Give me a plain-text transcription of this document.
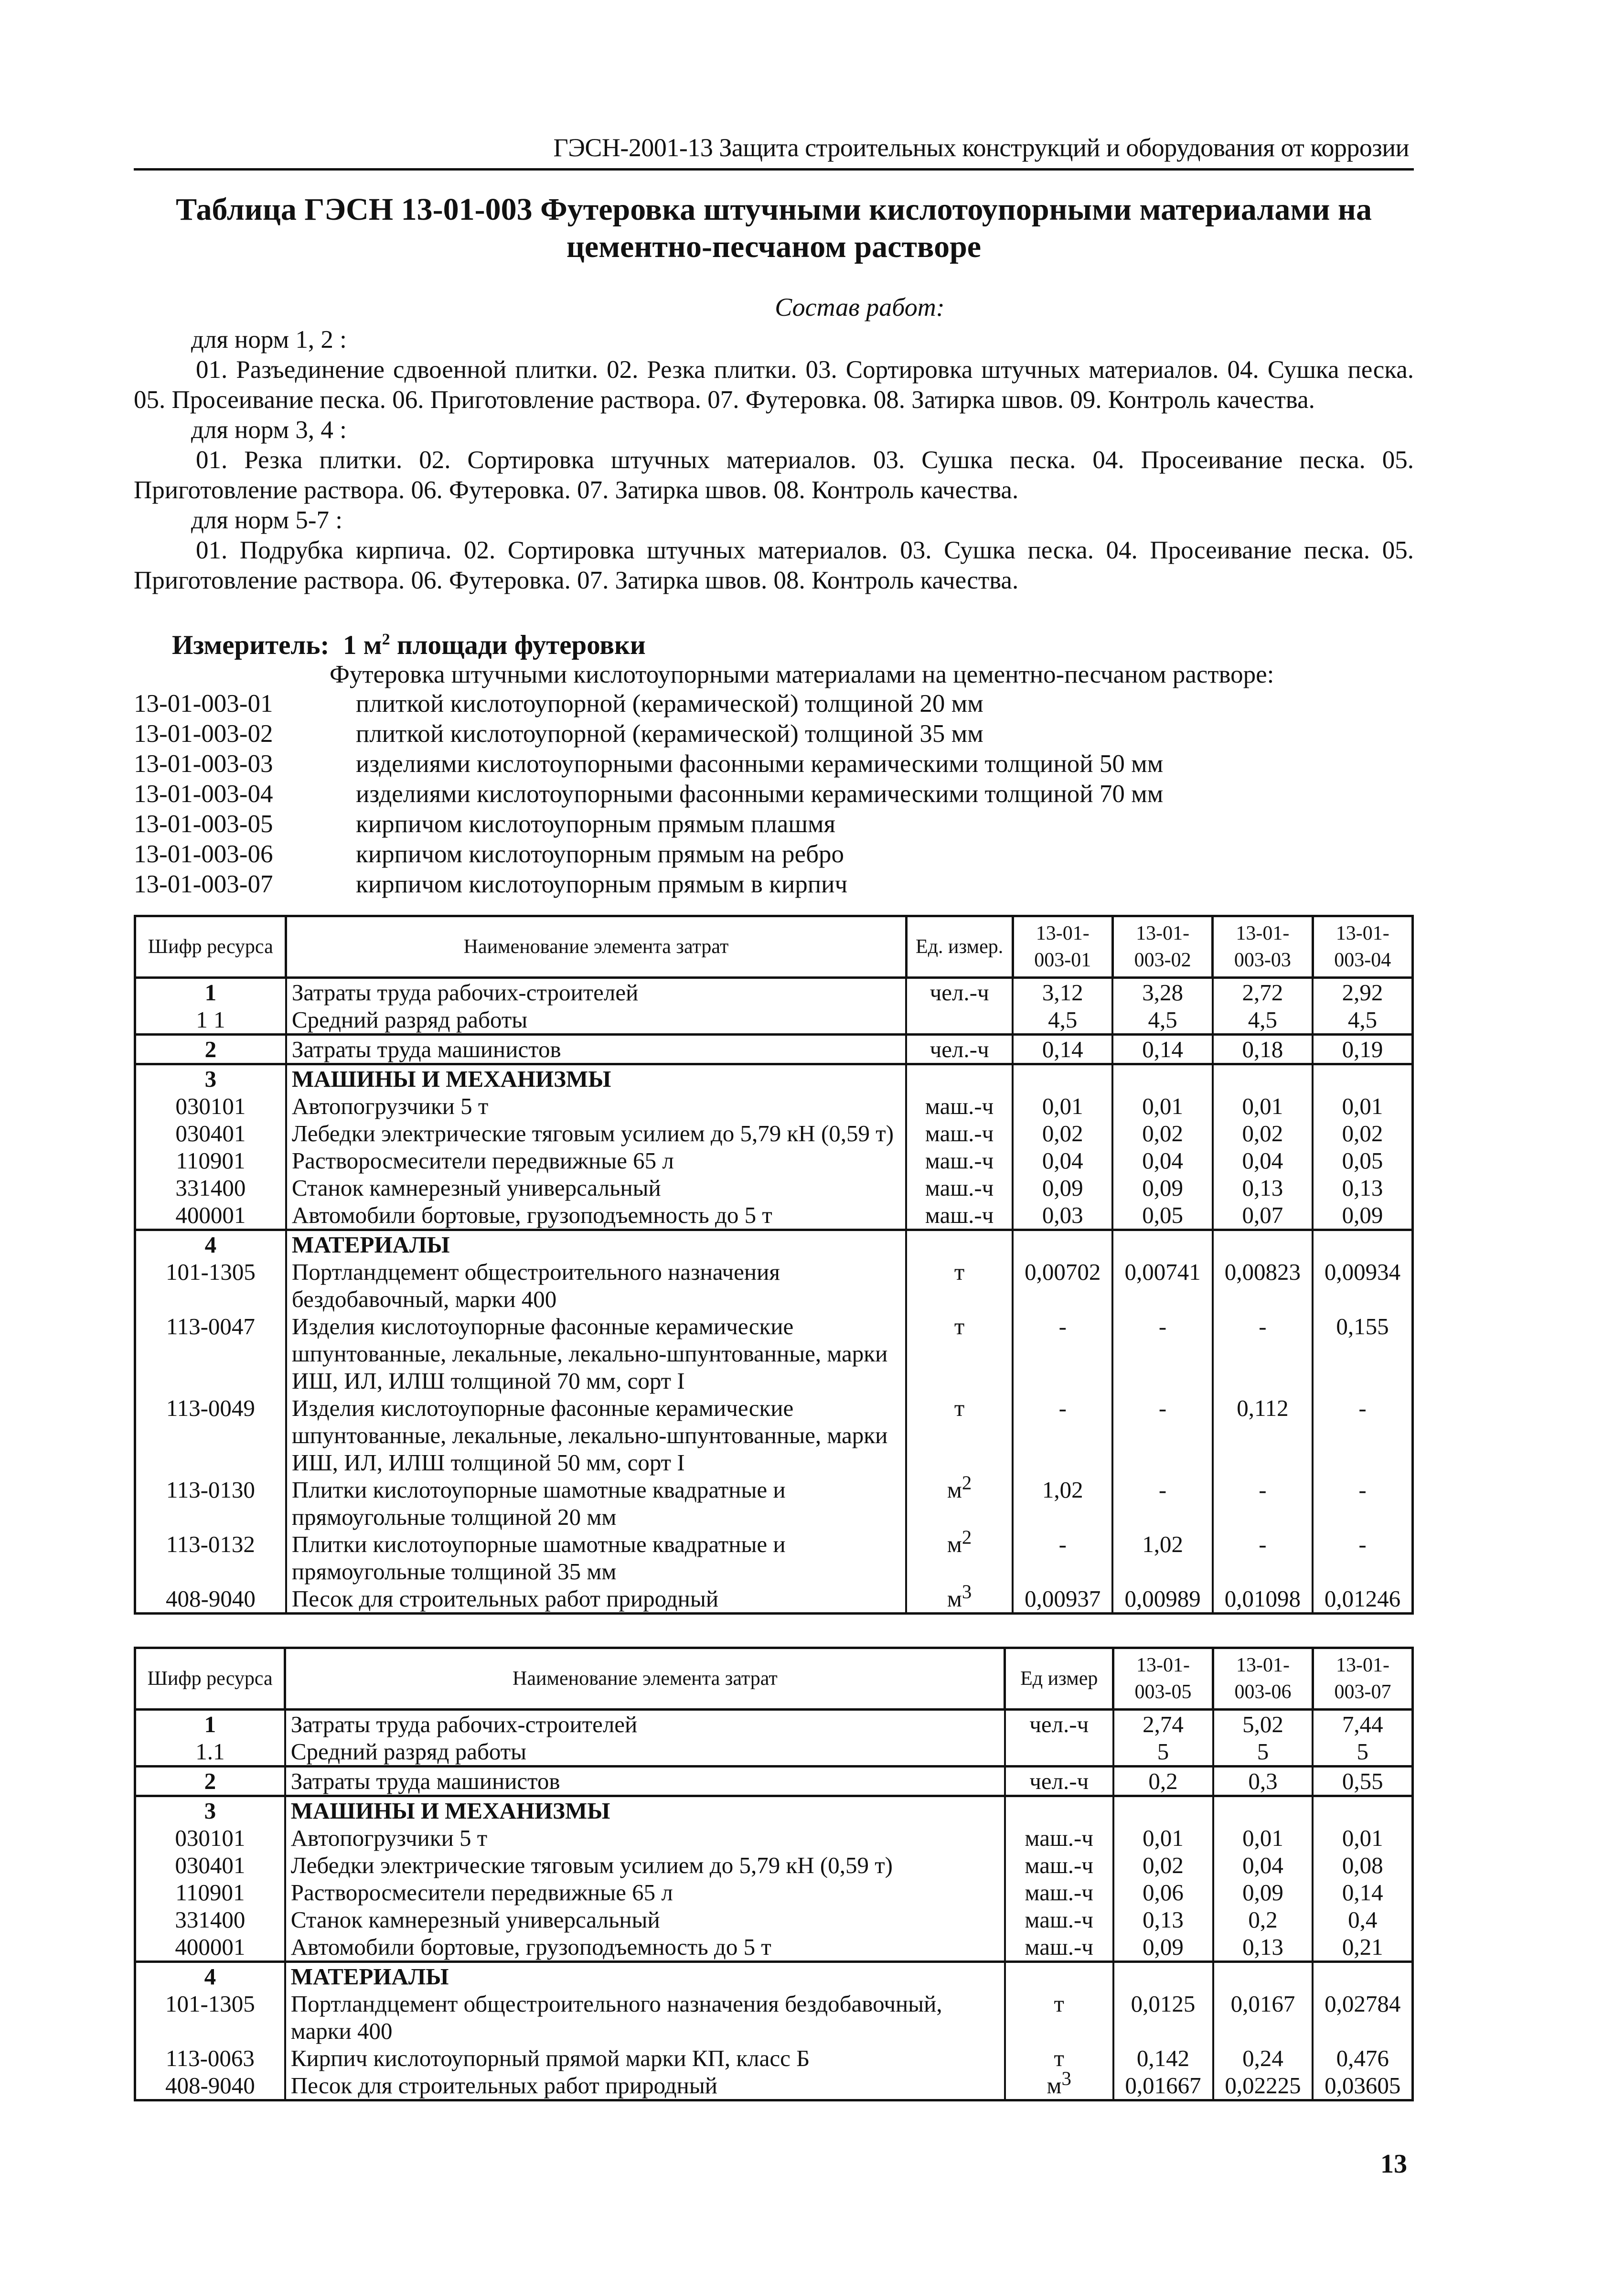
ГЭСН-2001-13 Защита строительных конструкций и оборудования от коррозии
Таблица ГЭСН 13-01-003 Футеровка штучными кислотоупорными материалами на цементно-песчаном растворе
Состав работ:
для норм 1, 2 :

01. Разъединение сдвоенной плитки. 02. Резка плитки. 03. Сортировка штучных материалов. 04. Сушка песка. 05. Просеивание песка. 06. Приготовление раствора. 07. Футеровка. 08. Затирка швов. 09. Контроль качества.

для норм 3, 4 :

01. Резка плитки. 02. Сортировка штучных материалов. 03. Сушка песка. 04. Просеивание песка. 05. Приготовление раствора. 06. Футеровка. 07. Затирка швов. 08. Контроль качества.

для норм 5-7 :

01. Подрубка кирпича. 02. Сортировка штучных материалов. 03. Сушка песка. 04. Просеивание песка. 05. Приготовление раствора. 06. Футеровка. 07. Затирка швов. 08. Контроль качества.

Измеритель: 1 $м^2$ площади футеровки
Футеровка штучными кислотоупорными материалами на цементно-песчаном растворе:
13-01-003-01	плиткой кислотоупорной (керамической) толщиной 20 мм
13-01-003-02	плиткой кислотоупорной (керамической) толщиной 35 мм
13-01-003-03	изделиями кислотоупорными фасонными керамическими толщиной 50 мм
13-01-003-04	изделиями кислотоупорными фасонными керамическими толщиной 70 мм
13-01-003-05	кирпичом кислотоупорным прямым плашмя
13-01-003-06	кирпичом кислотоупорным прямым на ребро
13-01-003-07	кирпичом кислотоупорным прямым в кирпич
Шифр ресурса	Наименование элемента затрат	Ед. измер.	13-01-003-01	13-01-003-02	13-01-003-03	13-01-003-04
1	Затраты труда рабочих-строителей	чел.-ч	3,12	3,28	2,72	2,92
1 1	Средний разряд работы		4,5	4,5	4,5	4,5
2	Затраты труда машинистов	чел.-ч	0,14	0,14	0,18	0,19
3	МАШИНЫ И МЕХАНИЗМЫ					
030101	Автопогрузчики 5 т	маш.-ч	0,01	0,01	0,01	0,01
030401	Лебедки электрические тяговым усилием до 5,79 кН (0,59 т)	маш.-ч	0,02	0,02	0,02	0,02
110901	Растворосмесители передвижные 65 л	маш.-ч	0,04	0,04	0,04	0,05
331400	Станок камнерезный универсальный	маш.-ч	0,09	0,09	0,13	0,13
400001	Автомобили бортовые, грузоподъемность до 5 т	маш.-ч	0,03	0,05	0,07	0,09
4	МАТЕРИАЛЫ					
101-1305	Портландцемент общестроительного назначения бездобавочный, марки 400	т	0,00702	0,00741	0,00823	0,00934
113-0047	Изделия кислотоупорные фасонные керамические шпунтованные, лекальные, лекально-шпунтованные, марки ИШ, ИЛ, ИЛШ толщиной 70 мм, сорт I	т	-	-	-	0,155
113-0049	Изделия кислотоупорные фасонные керамические шпунтованные, лекальные, лекально-шпунтованные, марки ИШ, ИЛ, ИЛШ толщиной 50 мм, сорт I	т	-	-	0,112	-
113-0130	Плитки кислотоупорные шамотные квадратные и прямоугольные толщиной 20 мм	$м^2$	1,02	-	-	-
113-0132	Плитки кислотоупорные шамотные квадратные и прямоугольные толщиной 35 мм	$м^2$	-	1,02	-	-
408-9040	Песок для строительных работ природный	$м^3$	0,00937	0,00989	0,01098	0,01246
Шифр ресурса	Наименование элемента затрат	Ед измер	13-01-003-05	13-01-003-06	13-01-003-07
1	Затраты труда рабочих-строителей	чел.-ч	2,74	5,02	7,44
1.1	Средний разряд работы		5	5	5
2	Затраты труда машинистов	чел.-ч	0,2	0,3	0,55
3	МАШИНЫ И МЕХАНИЗМЫ				
030101	Автопогрузчики 5 т	маш.-ч	0,01	0,01	0,01
030401	Лебедки электрические тяговым усилием до 5,79 кН (0,59 т)	маш.-ч	0,02	0,04	0,08
110901	Растворосмесители передвижные 65 л	маш.-ч	0,06	0,09	0,14
331400	Станок камнерезный универсальный	маш.-ч	0,13	0,2	0,4
400001	Автомобили бортовые, грузоподъемность до 5 т	маш.-ч	0,09	0,13	0,21
4	МАТЕРИАЛЫ				
101-1305	Портландцемент общестроительного назначения бездобавочный, марки 400	т	0,0125	0,0167	0,02784
113-0063	Кирпич кислотоупорный прямой марки КП, класс Б	т	0,142	0,24	0,476
408-9040	Песок для строительных работ природный	$м^3$	0,01667	0,02225	0,03605
13
